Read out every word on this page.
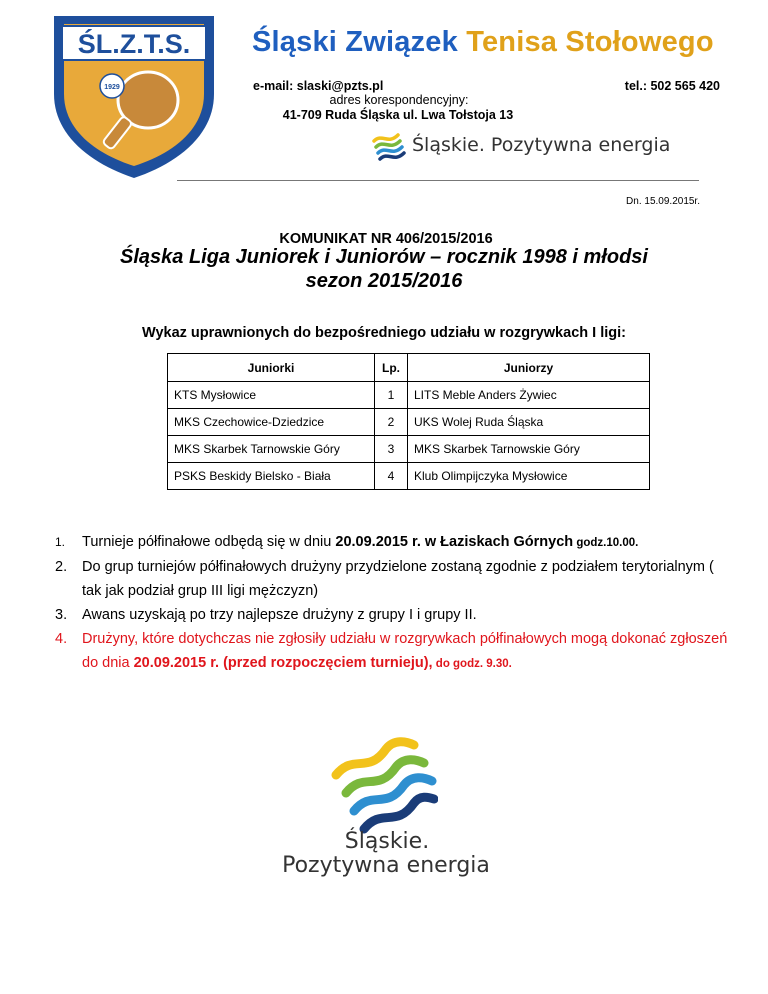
ŚL.Z.T.S.
1929
Śląski Związek Tenisa Stołowego
e-mail: slaski@pzts.pl	tel.: 502 565 420
adres korespondencyjny:
41-709 Ruda Śląska ul. Lwa Tołstoja 13
Śląskie. Pozytywna energia
Dn. 15.09.2015r.
KOMUNIKAT NR 406/2015/2016
Śląska Liga Juniorek i Juniorów – rocznik 1998 i młodsi
sezon 2015/2016
Wykaz uprawnionych do bezpośredniego udziału w rozgrywkach I ligi:
Juniorki	Lp.	Juniorzy
KTS Mysłowice	1	LITS Meble Anders Żywiec
MKS Czechowice-Dziedzice	2	UKS Wolej Ruda Śląska
MKS Skarbek Tarnowskie Góry	3	MKS Skarbek Tarnowskie Góry
PSKS Beskidy Bielsko - Biała	4	Klub Olimpijczyka Mysłowice
1. Turnieje półfinałowe odbędą się w dniu 20.09.2015 r. w Łaziskach Górnych godz.10.00.
2. Do grup turniejów półfinałowych drużyny przydzielone zostaną zgodnie z podziałem terytorialnym ( tak jak podział grup III ligi mężczyzn)
3. Awans uzyskają po trzy najlepsze drużyny z grupy I i grupy II.
4. Drużyny, które dotychczas nie zgłosiły udziału w rozgrywkach półfinałowych mogą dokonać zgłoszeń do dnia 20.09.2015 r. (przed rozpoczęciem turnieju), do godz. 9.30.
Śląskie.
Pozytywna energia
